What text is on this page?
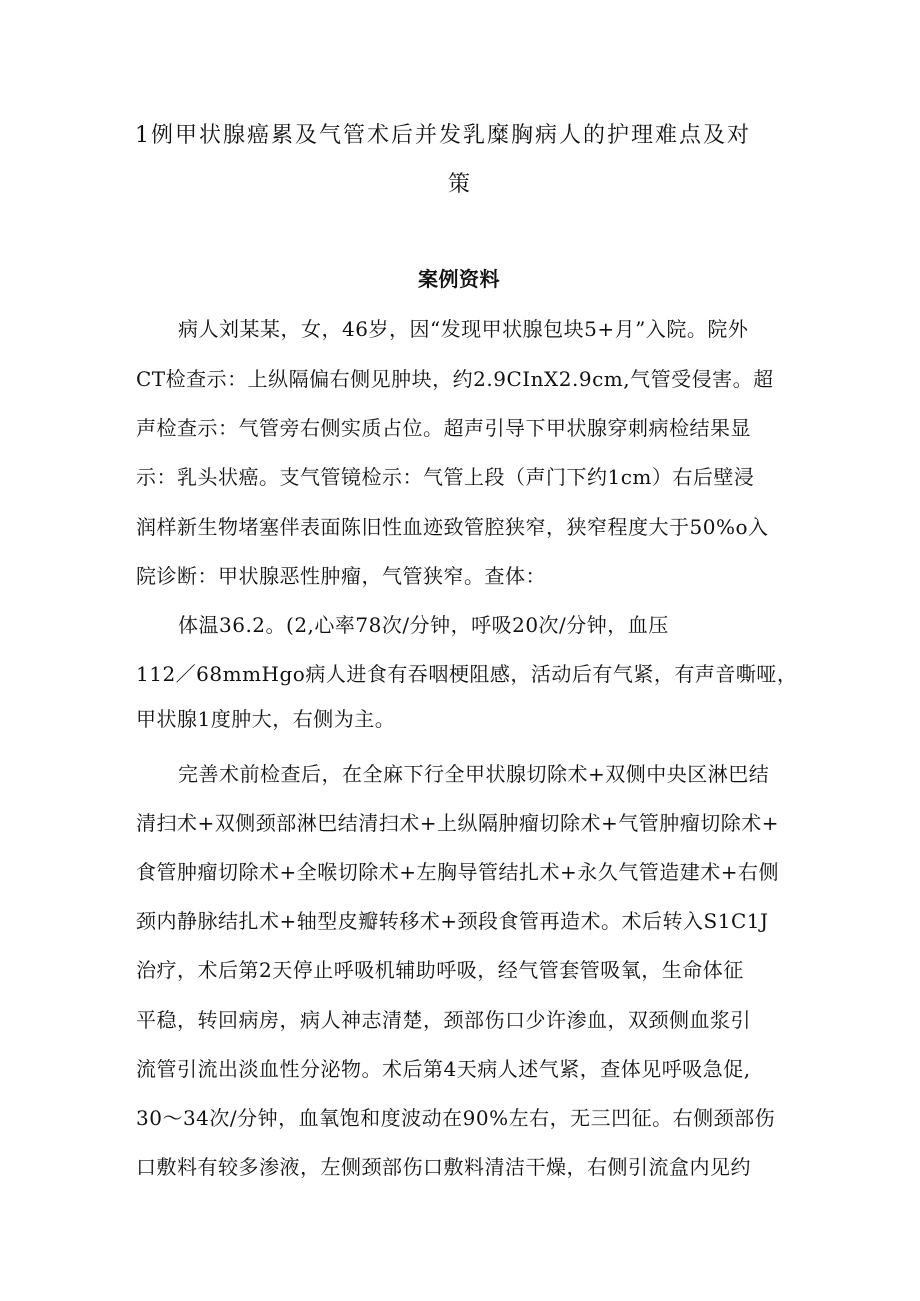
1例甲状腺癌累及气管术后并发乳糜胸病人的护理难点及对
策
案例资料
病人刘某某，女，46岁，因“发现甲状腺包块5+月”入院。院外
CT检查示：上纵隔偏右侧见肿块，约2.9CInX2.9cm,气管受侵害。超
声检查示：气管旁右侧实质占位。超声引导下甲状腺穿刺病检结果显
示：乳头状癌。支气管镜检示：气管上段（声门下约1cm）右后壁浸
润样新生物堵塞伴表面陈旧性血迹致管腔狭窄，狭窄程度大于50%o入
院诊断：甲状腺恶性肿瘤，气管狭窄。查体：
体温36.2。(2,心率78次/分钟，呼吸20次/分钟，血压
112／68mmHgo病人进食有吞咽梗阻感，活动后有气紧，有声音嘶哑，
甲状腺1度肿大，右侧为主。
完善术前检查后，在全麻下行全甲状腺切除术+双侧中央区淋巴结
清扫术+双侧颈部淋巴结清扫术+上纵隔肿瘤切除术+气管肿瘤切除术+
食管肿瘤切除术+全喉切除术+左胸导管结扎术+永久气管造建术+右侧
颈内静脉结扎术+轴型皮瓣转移术+颈段食管再造术。术后转入S1C1J
治疗，术后第2天停止呼吸机辅助呼吸，经气管套管吸氧，生命体征
平稳，转回病房，病人神志清楚，颈部伤口少许渗血，双颈侧血浆引
流管引流出淡血性分泌物。术后第4天病人述气紧，查体见呼吸急促,
30～34次/分钟，血氧饱和度波动在90%左右，无三凹征。右侧颈部伤
口敷料有较多渗液，左侧颈部伤口敷料清洁干燥，右侧引流盒内见约
